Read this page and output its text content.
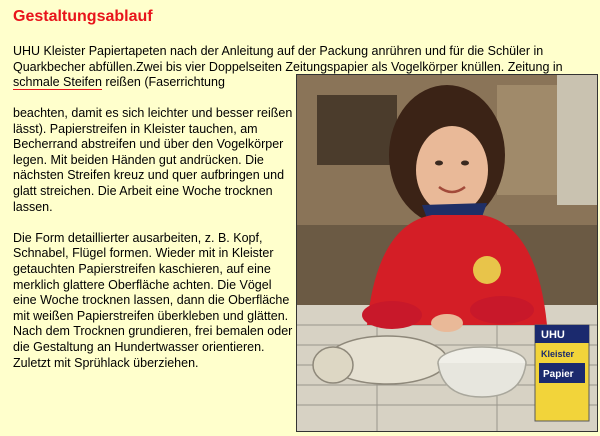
Gestaltungsablauf
UHU Kleister Papiertapeten nach der Anleitung auf der Packung anrühren und für die Schüler in Quarkbecher abfüllen.Zwei bis vier Doppelseiten Zeitungspapier als Vogelkörper knüllen. Zeitung in schmale Steifen reißen (Faserrichtung

beachten, damit es sich leichter und besser reißen lässt). Papierstreifen in Kleister tauchen, am Becherrand abstreifen und über den Vogelkörper legen. Mit beiden Händen gut andrücken. Die nächsten Streifen kreuz und quer aufbringen und glatt streichen. Die Arbeit eine Woche trocknen lassen.

Die Form detaillierter ausarbeiten, z. B. Kopf, Schnabel, Flügel formen. Wieder mit in Kleister getauchten Papierstreifen kaschieren, auf eine merklich glattere Oberfläche achten. Die Vögel eine Woche trocknen lassen, dann die Oberfläche mit weißen Papierstreifen überkleben und glätten. Nach dem Trocknen grundieren, frei bemalen oder die Gestaltung an Hundertwasser orientieren. Zuletzt mit Sprühlack überziehen.

UHU
Kleister
Papier
